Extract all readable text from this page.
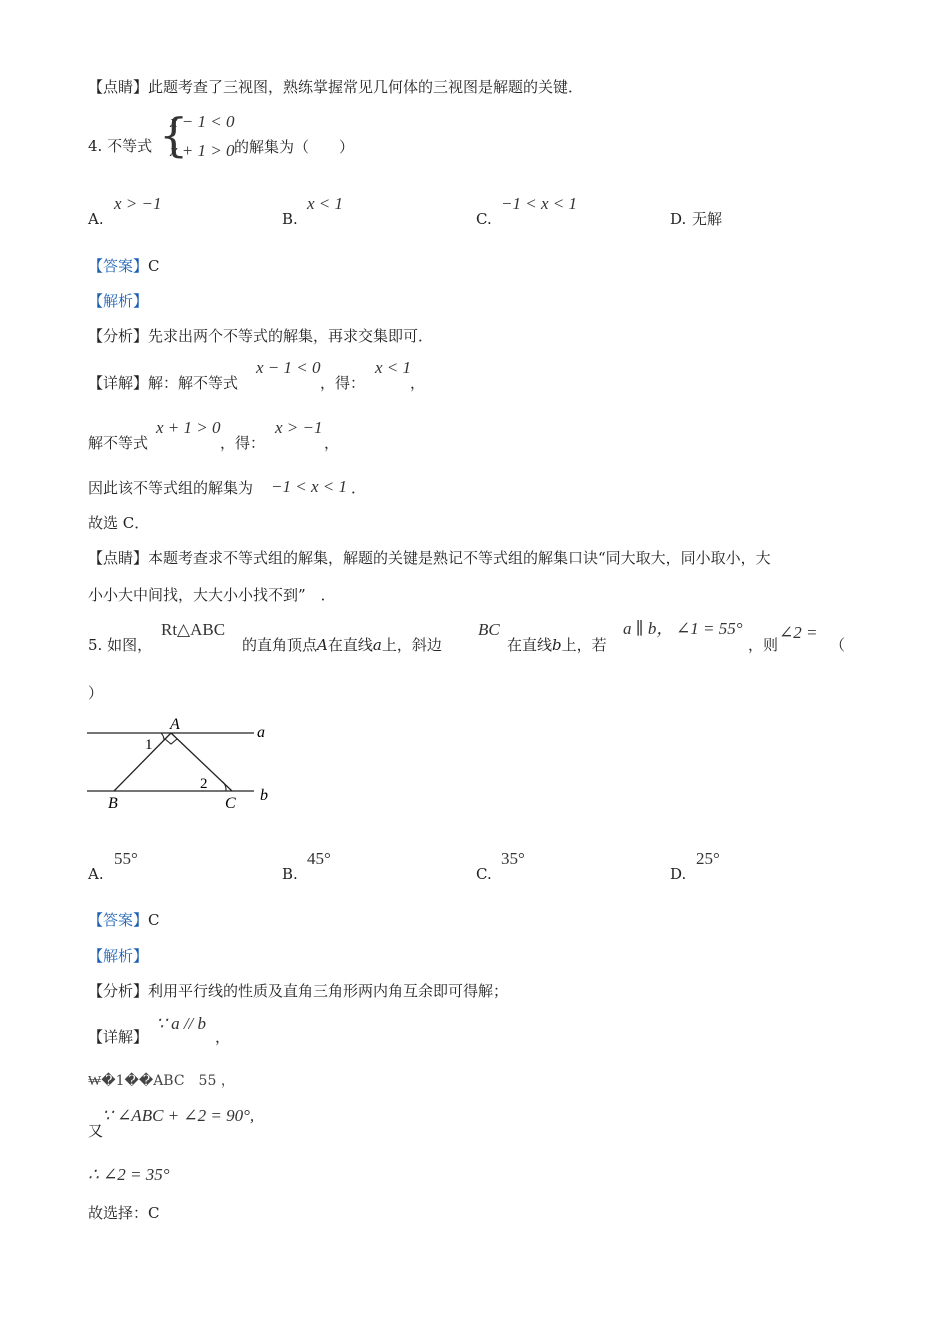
【点睛】此题考查了三视图，熟练掌握常见几何体的三视图是解题的关键．
4. 不等式 {
x − 1 < 0
x + 1 > 0 的解集为（　　）
A.
x > −1
B.
x < 1
C.
−1 < x < 1
D. 无解
【答案】C
【解析】
【分析】先求出两个不等式的解集，再求交集即可．
【详解】解：解不等式
x − 1 < 0
，得：
x < 1
，
解不等式
x + 1 > 0
，得：
x > −1
，
因此该不等式组的解集为 −1 < x < 1 ．
故选 C．
【点睛】本题考查求不等式组的解集，解题的关键是熟记不等式组的解集口诀“同大取大，同小取小，大
小小大中间找，大大小小找不到”　．
5. 如图，
Rt△ABC
的直角顶点A在直线a上，斜边
BC
在直线b上，若
a ∥ b， ∠1 = 55°
，则
∠2 =
（
）
A	a
1
2
B	C b
A.
55°
B.
45°
C.
35°
D.
25°
【答案】C
【解析】
【分析】利用平行线的性质及直角三角形两内角互余即可得解；
【详解】
∵ a // b
，
₩�1��ABC　55 ，
又
∵ ∠ABC + ∠2 = 90°,
∴ ∠2 = 35°
故选择：C
